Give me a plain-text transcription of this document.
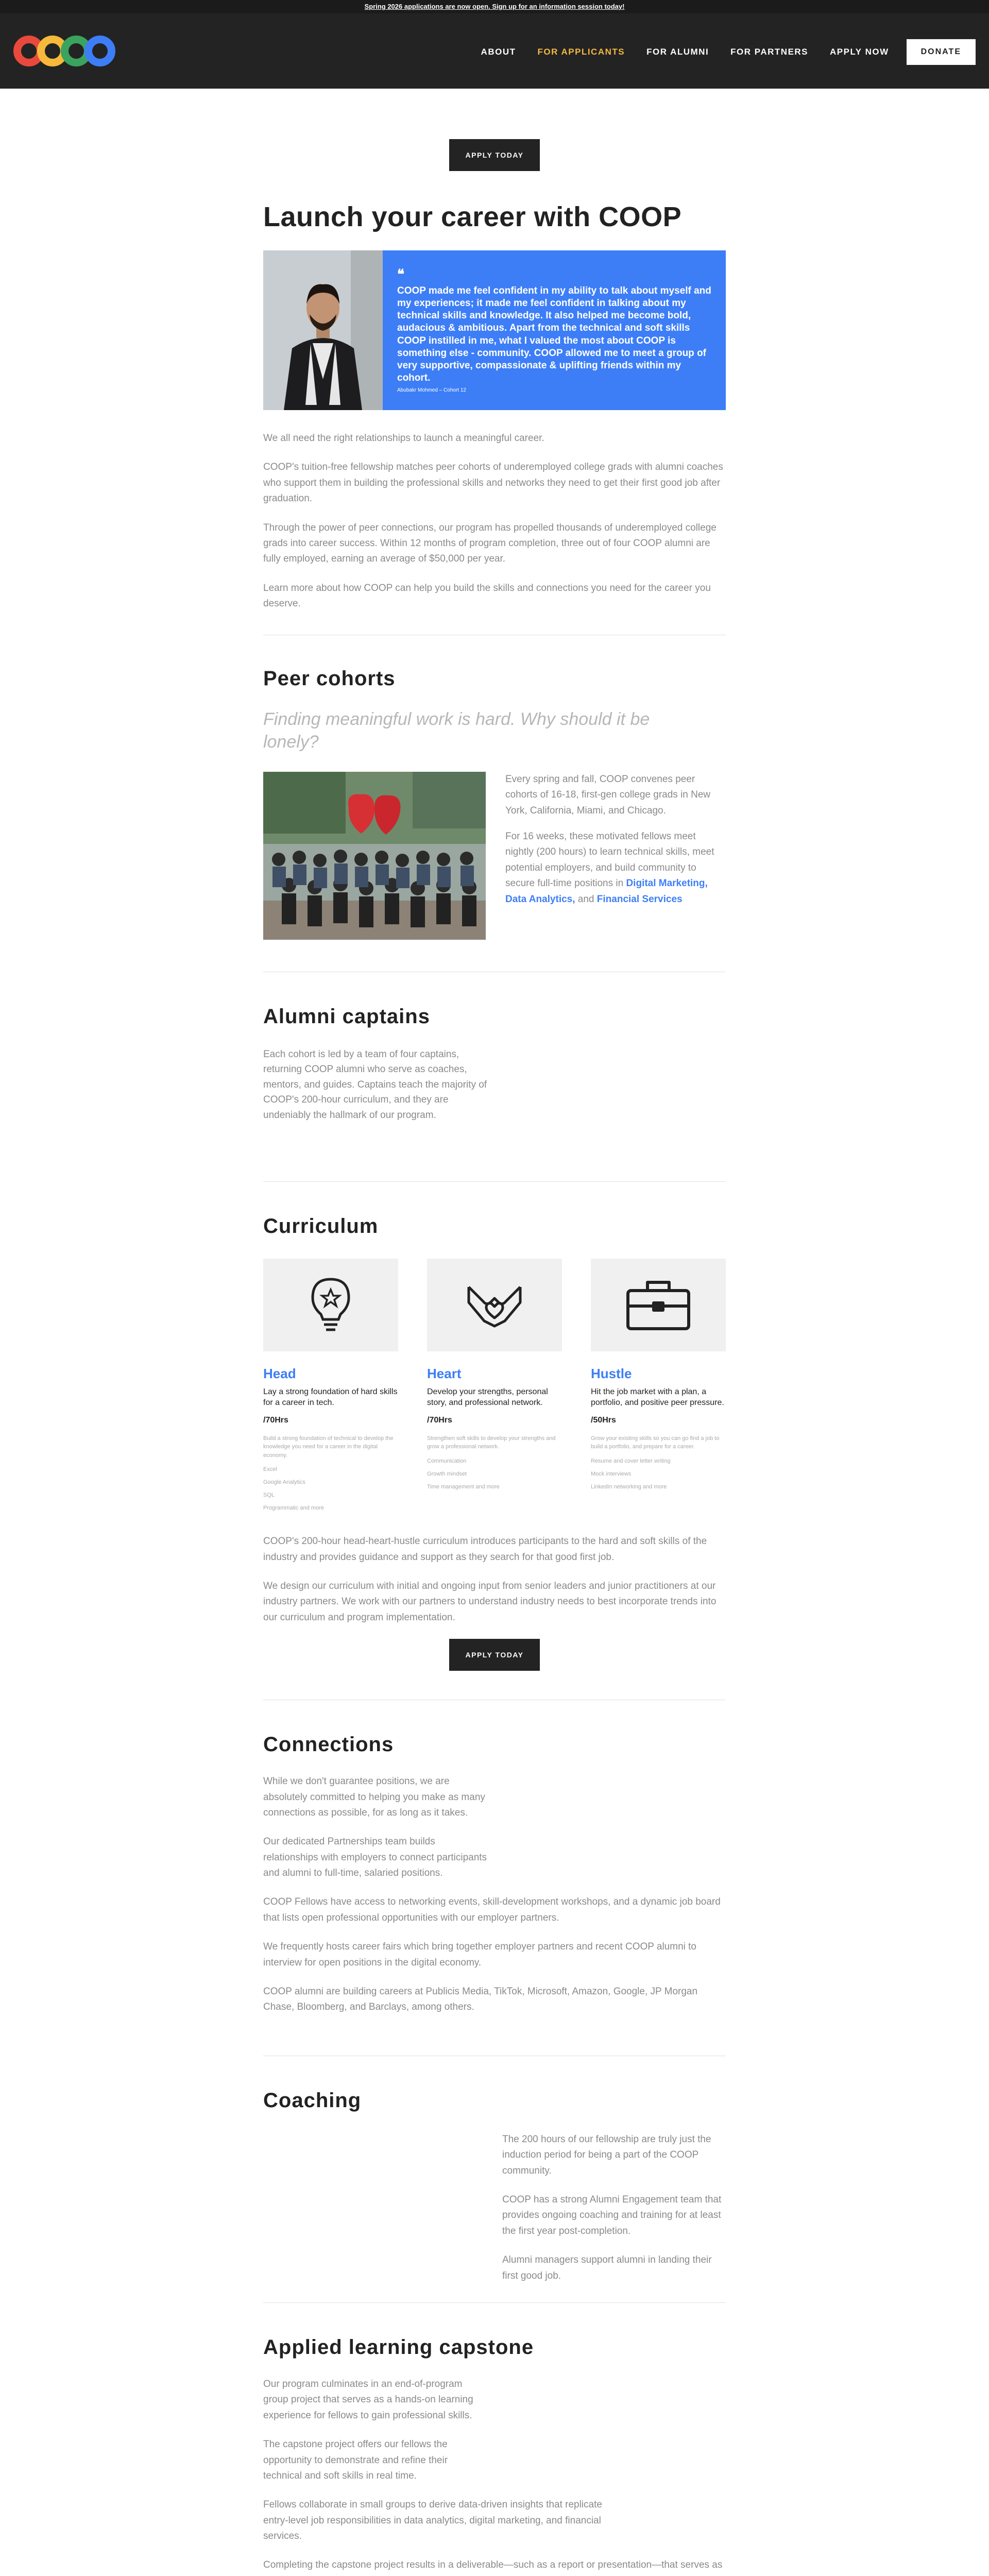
Spring 2026 applications are now open. Sign up for an information session today!
ABOUT FOR APPLICANTS FOR ALUMNI FOR PARTNERS APPLY NOW	DONATE
APPLY TODAY
Launch your career with COOP
❝
COOP made me feel confident in my ability to talk about myself and my experiences; it made me feel confident in talking about my technical skills and knowledge. It also helped me become bold, audacious & ambitious. Apart from the technical and soft skills COOP instilled in me, what I valued the most about COOP is something else - community. COOP allowed me to meet a group of very supportive, compassionate & uplifting friends within my cohort.
Abubakr Mohmed – Cohort 12

We all need the right relationships to launch a meaningful career.

COOP's tuition-free fellowship matches peer cohorts of underemployed college grads with alumni coaches who support them in building the professional skills and networks they need to get their first good job after graduation.

Through the power of peer connections, our program has propelled thousands of underemployed college grads into career success. Within 12 months of program completion, three out of four COOP alumni are fully employed, earning an average of $50,000 per year.

Learn more about how COOP can help you build the skills and connections you need for the career you deserve.

Peer cohorts
Finding meaningful work is hard. Why should it be lonely?

Every spring and fall, COOP convenes peer cohorts of 16-18, first-gen college grads in New York, California, Miami, and Chicago.

For 16 weeks, these motivated fellows meet nightly (200 hours) to learn technical skills, meet potential employers, and build community to secure full-time positions in Digital Marketing, Data Analytics, and Financial Services

Alumni captains

Each cohort is led by a team of four captains, returning COOP alumni who serve as coaches, mentors, and guides. Captains teach the majority of COOP's 200-hour curriculum, and they are undeniably the hallmark of our program.

Curriculum
Head
Lay a strong foundation of hard skills for a career in tech.
/70Hrs
Build a strong foundation of technical to develop the knowledge you need for a career in the digital economy.
Excel
Google Analytics
SQL
Programmatic and more
Heart
Develop your strengths, personal story, and professional network.
/70Hrs
Strengthen soft skills to develop your strengths and grow a professional network.
Communication
Growth mindset
Time management and more
Hustle
Hit the job market with a plan, a portfolio, and positive peer pressure.
/50Hrs
Grow your existing skills so you can go find a job to build a portfolio, and prepare for a career.
Resume and cover letter writing
Mock interviews
LinkedIn networking and more

COOP's 200-hour head-heart-hustle curriculum introduces participants to the hard and soft skills of the industry and provides guidance and support as they search for that good first job.

We design our curriculum with initial and ongoing input from senior leaders and junior practitioners at our industry partners. We work with our partners to understand industry needs to best incorporate trends into our curriculum and program implementation.

APPLY TODAY
Connections

While we don't guarantee positions, we are absolutely committed to helping you make as many connections as possible, for as long as it takes.

Our dedicated Partnerships team builds relationships with employers to connect participants and alumni to full-time, salaried positions.

COOP Fellows have access to networking events, skill-development workshops, and a dynamic job board that lists open professional opportunities with our employer partners.

We frequently hosts career fairs which bring together employer partners and recent COOP alumni to interview for open positions in the digital economy.

COOP alumni are building careers at Publicis Media, TikTok, Microsoft, Amazon, Google, JP Morgan Chase, Bloomberg, and Barclays, among others.

Coaching

The 200 hours of our fellowship are truly just the induction period for being a part of the COOP community.

COOP has a strong Alumni Engagement team that provides ongoing coaching and training for at least the first year post-completion.

Alumni managers support alumni in landing their first good job.

Applied learning capstone

Our program culminates in an end-of-program group project that serves as a hands-on learning experience for fellows to gain professional skills.

The capstone project offers our fellows the opportunity to demonstrate and refine their technical and soft skills in real time.

Fellows collaborate in small groups to derive data-driven insights that replicate entry-level job responsibilities in data analytics, digital marketing, and financial services.

Completing the capstone project results in a deliverable—such as a report or presentation—that serves as
